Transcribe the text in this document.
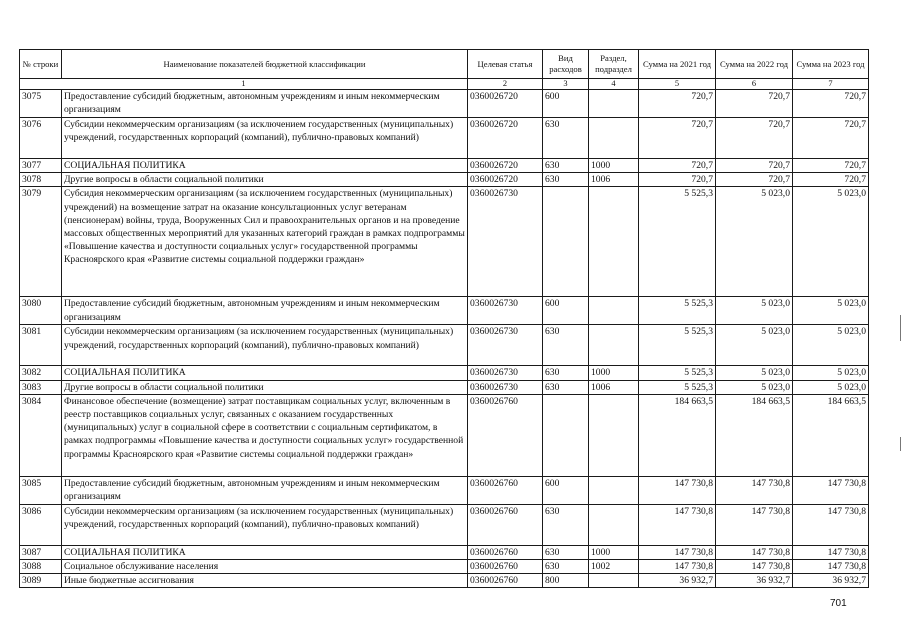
№ строки	Наименование показателей бюджетной классификации	Целевая статья	Вид расходов	Раздел, подраздел	Сумма на 2021 год	Сумма на 2022 год	Сумма на 2023 год
1		2	3	4	5	6	7
3075	Предоставление субсидий бюджетным, автономным учреждениям и иным некоммерческим организациям	0360026720	600		720,7	720,7	720,7
3076	Субсидии некоммерческим организациям (за исключением государственных (муниципальных) учреждений, государственных корпораций (компаний), публично-правовых компаний)	0360026720	630		720,7	720,7	720,7
3077	СОЦИАЛЬНАЯ ПОЛИТИКА	0360026720	630	1000	720,7	720,7	720,7
3078	Другие вопросы в области социальной политики	0360026720	630	1006	720,7	720,7	720,7
3079	Субсидия некоммерческим организациям (за исключением государственных (муниципальных) учреждений) на возмещение затрат на оказание консультационных услуг ветеранам (пенсионерам) войны, труда, Вооруженных Сил и правоохранительных органов и на проведение массовых общественных мероприятий для указанных категорий граждан в рамках подпрограммы «Повышение качества и доступности социальных услуг» государственной программы Красноярского края «Развитие системы социальной поддержки граждан»	0360026730			5 525,3	5 023,0	5 023,0
3080	Предоставление субсидий бюджетным, автономным учреждениям и иным некоммерческим организациям	0360026730	600		5 525,3	5 023,0	5 023,0
3081	Субсидии некоммерческим организациям (за исключением государственных (муниципальных) учреждений, государственных корпораций (компаний), публично-правовых компаний)	0360026730	630		5 525,3	5 023,0	5 023,0
3082	СОЦИАЛЬНАЯ ПОЛИТИКА	0360026730	630	1000	5 525,3	5 023,0	5 023,0
3083	Другие вопросы в области социальной политики	0360026730	630	1006	5 525,3	5 023,0	5 023,0
3084	Финансовое обеспечение (возмещение) затрат поставщикам социальных услуг, включенным в реестр поставщиков социальных услуг, связанных с оказанием государственных (муниципальных) услуг в социальной сфере в соответствии с социальным сертификатом, в рамках подпрограммы «Повышение качества и доступности социальных услуг» государственной программы Красноярского края «Развитие системы социальной поддержки граждан»	0360026760			184 663,5	184 663,5	184 663,5
3085	Предоставление субсидий бюджетным, автономным учреждениям и иным некоммерческим организациям	0360026760	600		147 730,8	147 730,8	147 730,8
3086	Субсидии некоммерческим организациям (за исключением государственных (муниципальных) учреждений, государственных корпораций (компаний), публично-правовых компаний)	0360026760	630		147 730,8	147 730,8	147 730,8
3087	СОЦИАЛЬНАЯ ПОЛИТИКА	0360026760	630	1000	147 730,8	147 730,8	147 730,8
3088	Социальное обслуживание населения	0360026760	630	1002	147 730,8	147 730,8	147 730,8
3089	Иные бюджетные ассигнования	0360026760	800		36 932,7	36 932,7	36 932,7
701
